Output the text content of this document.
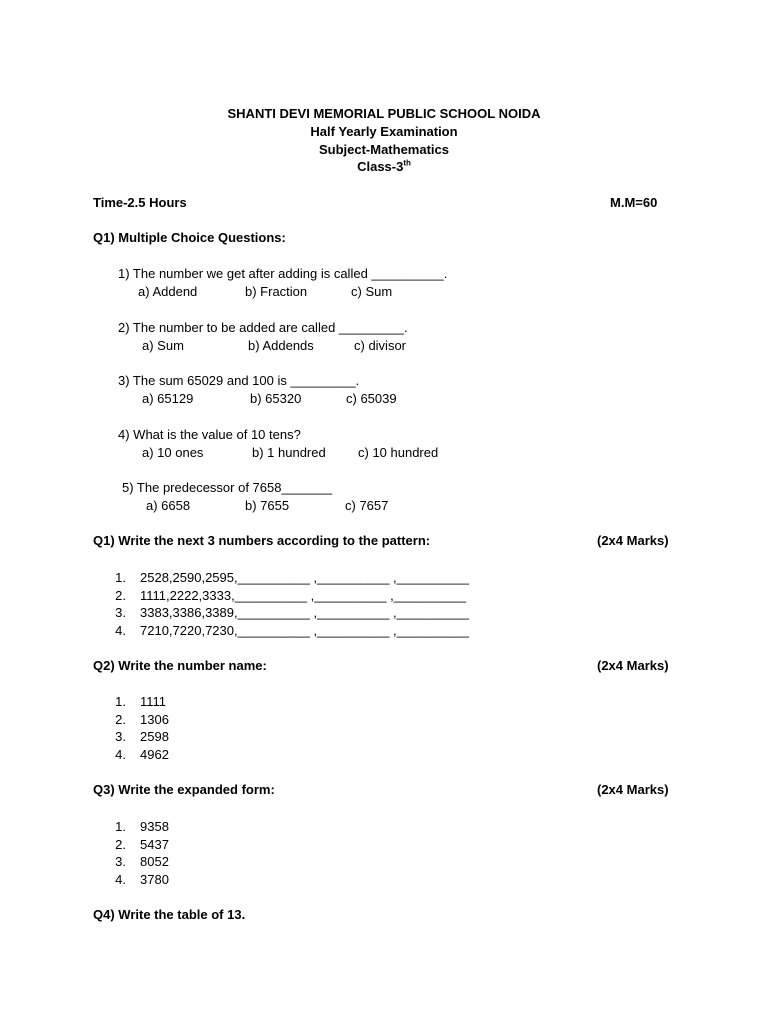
SHANTI DEVI MEMORIAL PUBLIC SCHOOL NOIDA
Half Yearly Examination
Subject-Mathematics
Class-3th
Time-2.5 Hours	M.M=60
Q1) Multiple Choice Questions:
1) The number we get after adding is called __________.
a) Addend	b) Fraction	c) Sum
2) The number to be added are called _________.
a) Sum	b) Addends	c) divisor
3) The sum 65029 and 100 is _________.
a) 65129	b) 65320	c) 65039
4) What is the value of 10 tens?
a) 10 ones	b) 1 hundred c) 10 hundred
5) The predecessor of 7658_______
a) 6658	b) 7655	c) 7657
Q1) Write the next 3 numbers according to the pattern:	(2x4 Marks)
1. 2528,2590,2595,__________ ,__________ ,__________
2. 1111,2222,3333,__________ ,__________ ,__________
3. 3383,3386,3389,__________ ,__________ ,__________
4. 7210,7220,7230,__________ ,__________ ,__________
Q2) Write the number name:	(2x4 Marks)
1. 1111
2. 1306
3. 2598
4. 4962
Q3) Write the expanded form:	(2x4 Marks)
1. 9358
2. 5437
3. 8052
4. 3780
Q4) Write the table of 13.
